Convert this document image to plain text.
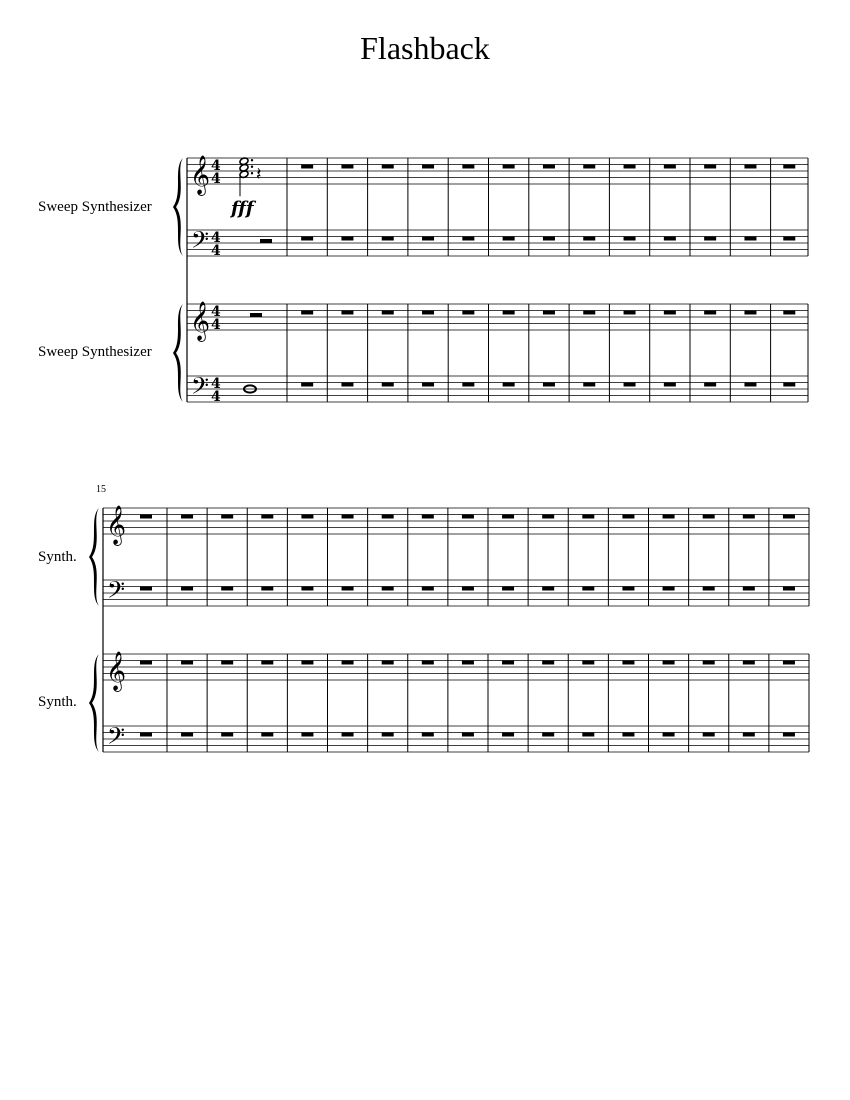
Flashback
Sweep Synthesizer
Sweep Synthesizer
Synth.
Synth.
15
𝄞
𝄢
𝄞
𝄢
4
4
4
4
4
4
4
4
𝄽
fff
𝄞
𝄢
𝄞
𝄢
